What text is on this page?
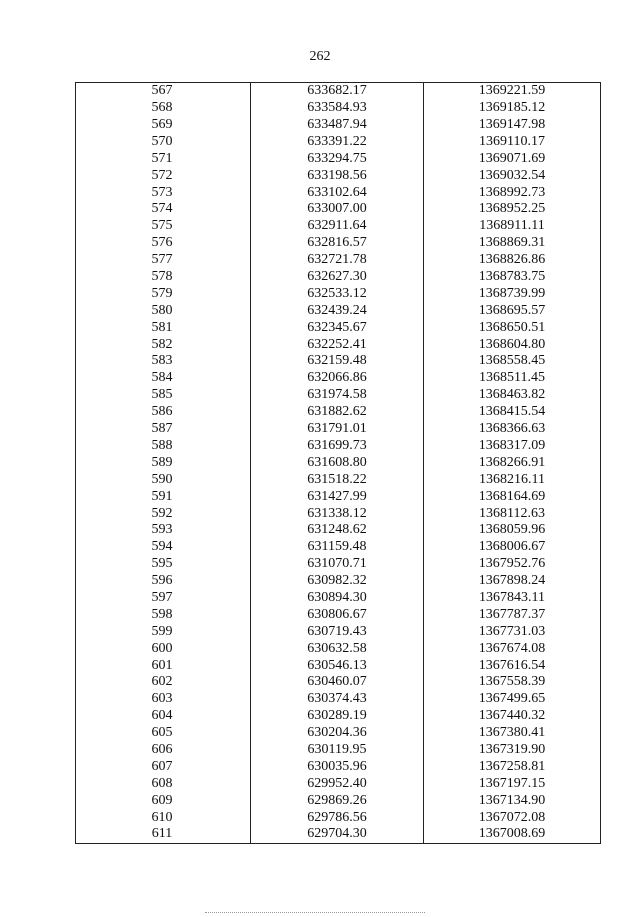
262
567	633682.17	1369221.59
568	633584.93	1369185.12
569	633487.94	1369147.98
570	633391.22	1369110.17
571	633294.75	1369071.69
572	633198.56	1369032.54
573	633102.64	1368992.73
574	633007.00	1368952.25
575	632911.64	1368911.11
576	632816.57	1368869.31
577	632721.78	1368826.86
578	632627.30	1368783.75
579	632533.12	1368739.99
580	632439.24	1368695.57
581	632345.67	1368650.51
582	632252.41	1368604.80
583	632159.48	1368558.45
584	632066.86	1368511.45
585	631974.58	1368463.82
586	631882.62	1368415.54
587	631791.01	1368366.63
588	631699.73	1368317.09
589	631608.80	1368266.91
590	631518.22	1368216.11
591	631427.99	1368164.69
592	631338.12	1368112.63
593	631248.62	1368059.96
594	631159.48	1368006.67
595	631070.71	1367952.76
596	630982.32	1367898.24
597	630894.30	1367843.11
598	630806.67	1367787.37
599	630719.43	1367731.03
600	630632.58	1367674.08
601	630546.13	1367616.54
602	630460.07	1367558.39
603	630374.43	1367499.65
604	630289.19	1367440.32
605	630204.36	1367380.41
606	630119.95	1367319.90
607	630035.96	1367258.81
608	629952.40	1367197.15
609	629869.26	1367134.90
610	629786.56	1367072.08
611	629704.30	1367008.69
